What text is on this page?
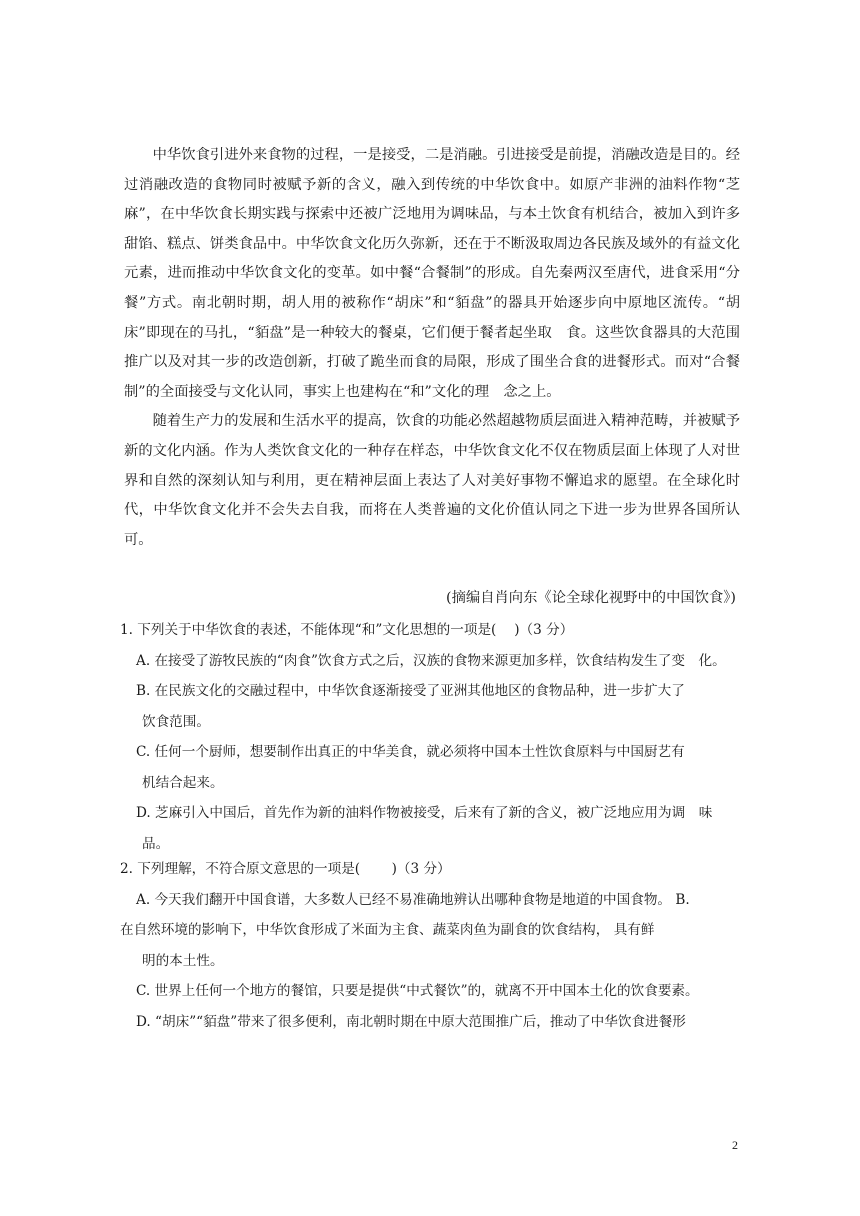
中华饮食引进外来食物的过程，一是接受，二是消融。引进接受是前提，消融改造是目的。经过消融改造的食物同时被赋予新的含义，融入到传统的中华饮食中。如原产非洲的油料作物“芝麻”，在中华饮食长期实践与探索中还被广泛地用为调味品，与本土饮食有机结合，被加入到许多甜馅、糕点、饼类食品中。中华饮食文化历久弥新，还在于不断汲取周边各民族及域外的有益文化元素，进而推动中华饮食文化的变革。如中餐“合餐制”的形成。自先秦两汉至唐代，进食采用“分餐”方式。南北朝时期，胡人用的被称作“胡床”和“貊盘”的器具开始逐步向中原地区流传。“胡床”即现在的马扎，“貊盘”是一种较大的餐桌，它们便于餐者起坐取　食。这些饮食器具的大范围推广以及对其一步的改造创新，打破了跪坐而食的局限，形成了围坐合食的进餐形式。而对“合餐制”的全面接受与文化认同，事实上也建构在“和”文化的理　念之上。

随着生产力的发展和生活水平的提高，饮食的功能必然超越物质层面进入精神范畴，并被赋予新的文化内涵。作为人类饮食文化的一种存在样态，中华饮食文化不仅在物质层面上体现了人对世界和自然的深刻认知与利用，更在精神层面上表达了人对美好事物不懈追求的愿望。在全球化时代，中华饮食文化并不会失去自我，而将在人类普遍的文化价值认同之下进一步为世界各国所认可。

(摘编自肖向东《论全球化视野中的中国饮食》)

1. 下列关于中华饮食的表述，不能体现“和”文化思想的一项是(　 )（3 分）

A. 在接受了游牧民族的“肉食”饮食方式之后，汉族的食物来源更加多样，饮食结构发生了变　化。

B. 在民族文化的交融过程中，中华饮食逐渐接受了亚洲其他地区的食物品种，进一步扩大了
饮食范围。

C. 任何一个厨师，想要制作出真正的中华美食，就必须将中国本土性饮食原料与中国厨艺有
机结合起来。

D. 芝麻引入中国后，首先作为新的油料作物被接受，后来有了新的含义，被广泛地应用为调　味
品。

2. 下列理解，不符合原文意思的一项是(　　 )（3 分）

A. 今天我们翻开中国食谱，大多数人已经不易准确地辨认出哪种食物是地道的中国食物。 B.

在自然环境的影响下，中华饮食形成了米面为主食、蔬菜肉鱼为副食的饮食结构， 具有鲜
明的本土性。

C. 世界上任何一个地方的餐馆，只要是提供“中式餐饮”的，就离不开中国本土化的饮食要素。

D. “胡床”“貊盘”带来了很多便利，南北朝时期在中原大范围推广后，推动了中华饮食进餐形

2
